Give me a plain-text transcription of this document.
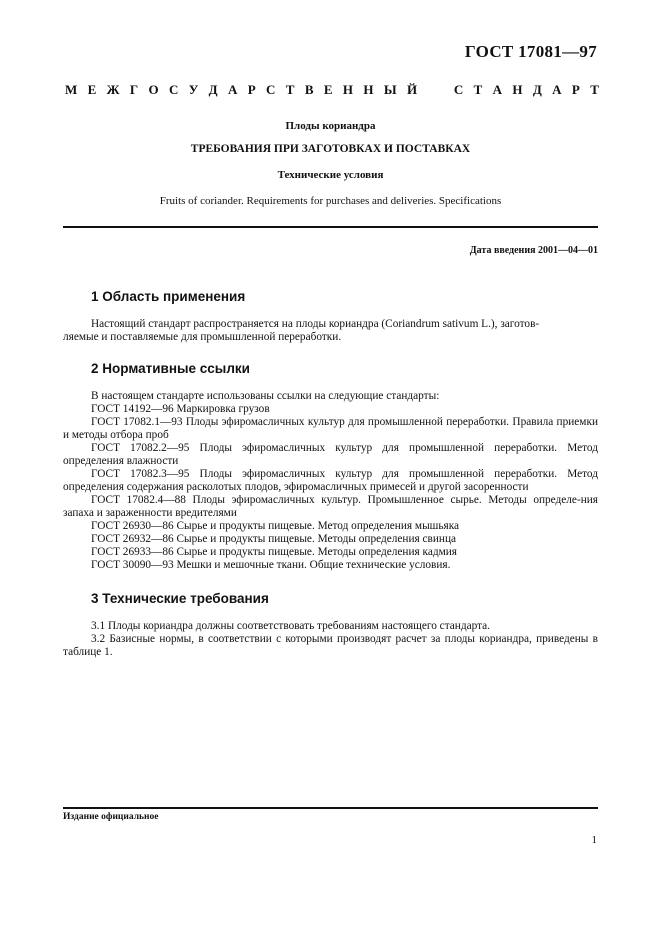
ГОСТ 17081—97
М Е Ж Г О С У Д А Р С Т В Е Н Н Ы Й	С Т А Н Д А Р Т
Плоды кориандра
ТРЕБОВАНИЯ ПРИ ЗАГОТОВКАХ И ПОСТАВКАХ
Технические условия
Fruits of coriander. Requirements for purchases and deliveries. Specifications
Дата введения 2001—04—01
1 Область применения

Настоящий стандарт распространяется на плоды кориандра (Coriandrum sativum L.), заготов-

ляемые и поставляемые для промышленной переработки.

2 Нормативные ссылки

В настоящем стандарте использованы ссылки на следующие стандарты:

ГОСТ 14192—96 Маркировка грузов

ГОСТ 17082.1—93 Плоды эфиромасличных культур для промышленной переработки. Правила приемки и методы отбора проб

ГОСТ 17082.2—95 Плоды эфиромасличных культур для промышленной переработки. Метод определения влажности

ГОСТ 17082.3—95 Плоды эфиромасличных культур для промышленной переработки. Метод определения содержания расколотых плодов, эфиромасличных примесей и другой засоренности

ГОСТ 17082.4—88 Плоды эфиромасличных культур. Промышленное сырье. Методы определе-ния запаха и зараженности вредителями

ГОСТ 26930—86 Сырье и продукты пищевые. Метод определения мышьяка

ГОСТ 26932—86 Сырье и продукты пищевые. Методы определения свинца

ГОСТ 26933—86 Сырье и продукты пищевые. Методы определения кадмия

ГОСТ 30090—93 Мешки и мешочные ткани. Общие технические условия.

3 Технические требования

3.1 Плоды кориандра должны соответствовать требованиям настоящего стандарта.

3.2 Базисные нормы, в соответствии с которыми производят расчет за плоды кориандра, приведены в таблице 1.

Издание официальное
1
